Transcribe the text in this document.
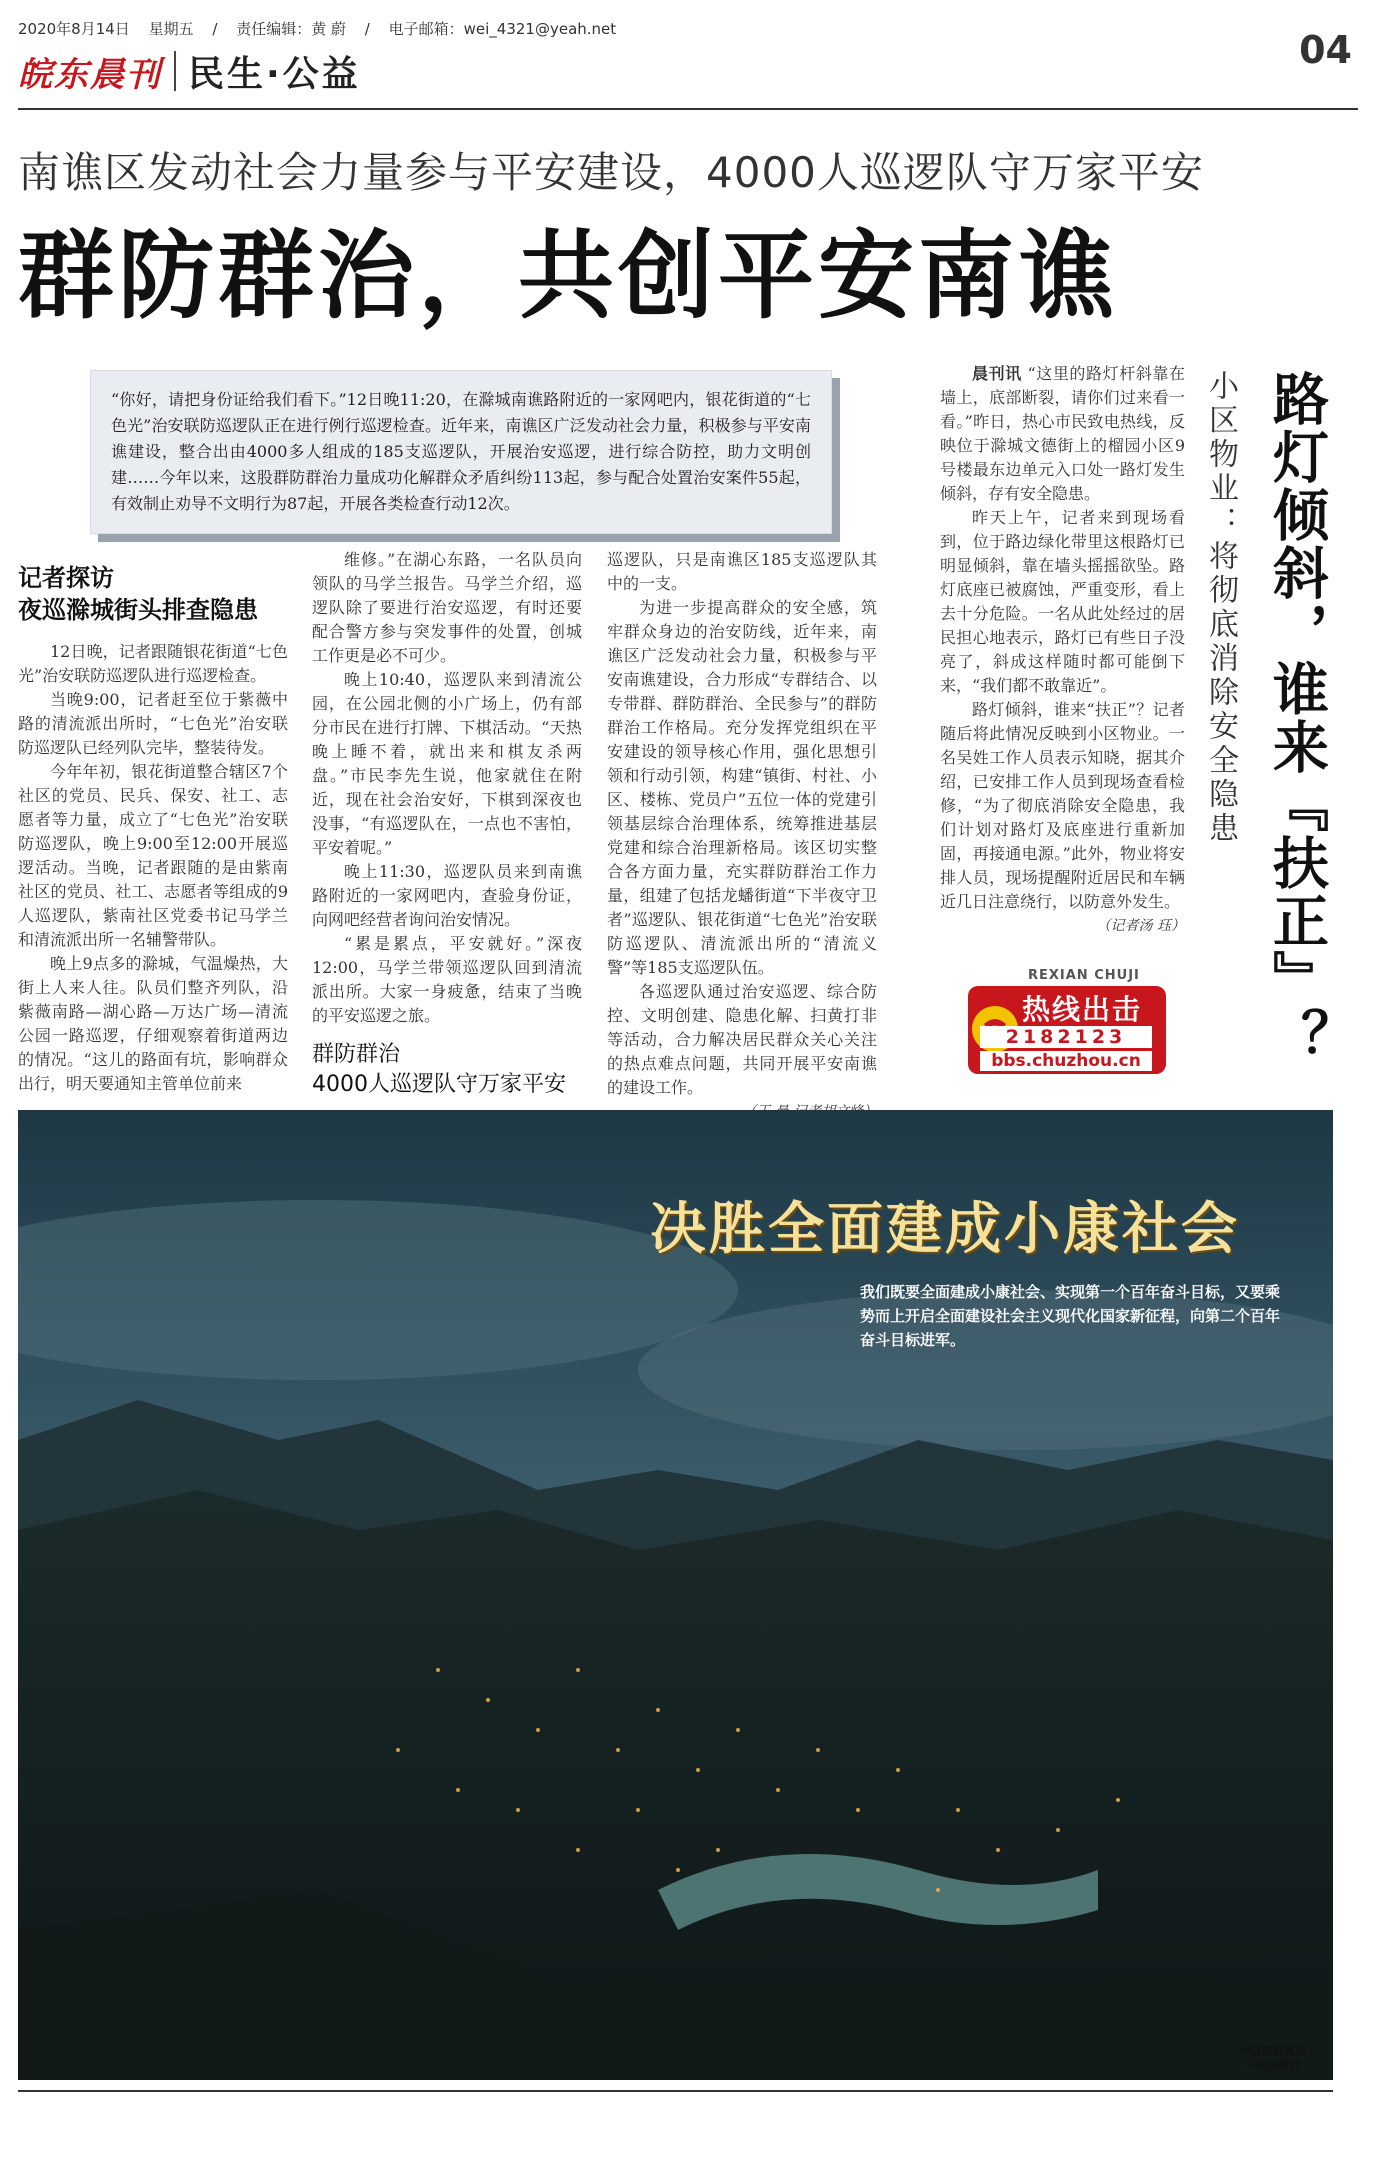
2020年8月14日 星期五 / 责任编辑：黄 蔚 / 电子邮箱：wei_4321@yeah.net
皖东晨刊 民生·公益
04
南谯区发动社会力量参与平安建设，4000人巡逻队守万家平安
群防群治，共创平安南谯
“你好，请把身份证给我们看下。”12日晚11:20，在滁城南谯路附近的一家网吧内，银花街道的“七色光”治安联防巡逻队正在进行例行巡逻检查。近年来，南谯区广泛发动社会力量，积极参与平安南谯建设，整合出由4000多人组成的185支巡逻队，开展治安巡逻，进行综合防控，助力文明创建……今年以来，这股群防群治力量成功化解群众矛盾纠纷113起，参与配合处置治安案件55起，有效制止劝导不文明行为87起，开展各类检查行动12次。
记者探访
夜巡滁城街头排查隐患

12日晚，记者跟随银花街道“七色光”治安联防巡逻队进行巡逻检查。

当晚9:00，记者赶至位于紫薇中路的清流派出所时，“七色光”治安联防巡逻队已经列队完毕，整装待发。

今年年初，银花街道整合辖区7个社区的党员、民兵、保安、社工、志愿者等力量，成立了“七色光”治安联防巡逻队，晚上9:00至12:00开展巡逻活动。当晚，记者跟随的是由紫南社区的党员、社工、志愿者等组成的9人巡逻队，紫南社区党委书记马学兰和清流派出所一名辅警带队。

晚上9点多的滁城，气温燥热，大街上人来人往。队员们整齐列队，沿紫薇南路—湖心路—万达广场—清流公园一路巡逻，仔细观察着街道两边的情况。“这儿的路面有坑，影响群众出行，明天要通知主管单位前来

维修。”在湖心东路，一名队员向领队的马学兰报告。马学兰介绍，巡逻队除了要进行治安巡逻，有时还要配合警方参与突发事件的处置，创城工作更是必不可少。

晚上10:40，巡逻队来到清流公园，在公园北侧的小广场上，仍有部分市民在进行打牌、下棋活动。“天热晚上睡不着，就出来和棋友杀两盘。”市民李先生说，他家就住在附近，现在社会治安好，下棋到深夜也没事，“有巡逻队在，一点也不害怕，平安着呢。”

晚上11:30，巡逻队员来到南谯路附近的一家网吧内，查验身份证，向网吧经营者询问治安情况。

“累是累点，平安就好。”深夜12:00，马学兰带领巡逻队回到清流派出所。大家一身疲惫，结束了当晚的平安巡逻之旅。

群防群治
4000人巡逻队守万家平安

巡逻队，只是南谯区185支巡逻队其中的一支。

为进一步提高群众的安全感，筑牢群众身边的治安防线，近年来，南谯区广泛发动社会力量，积极参与平安南谯建设，合力形成“专群结合、以专带群、群防群治、全民参与”的群防群治工作格局。充分发挥党组织在平安建设的领导核心作用，强化思想引领和行动引领，构建“镇街、村社、小区、楼栋、党员户”五位一体的党建引领基层综合治理体系，统筹推进基层党建和综合治理新格局。该区切实整合各方面力量，充实群防群治工作力量，组建了包括龙蟠街道“下半夜守卫者”巡逻队、银花街道“七色光”治安联防巡逻队、清流派出所的“清流义警”等185支巡逻队伍。

各巡逻队通过治安巡逻、综合防控、文明创建、隐患化解、扫黄打非等活动，合力解决居民群众关心关注的热点难点问题，共同开展平安南谯的建设工作。

路灯倾斜，谁来『扶正』？
小区物业：将彻底消除安全隐患

晨刊讯 “这里的路灯杆斜靠在墙上，底部断裂，请你们过来看一看。”昨日，热心市民致电热线，反映位于滁城文德街上的榴园小区9号楼最东边单元入口处一路灯发生倾斜，存有安全隐患。

昨天上午，记者来到现场看到，位于路边绿化带里这根路灯已明显倾斜，靠在墙头摇摇欲坠。路灯底座已被腐蚀，严重变形，看上去十分危险。一名从此处经过的居民担心地表示，路灯已有些日子没亮了，斜成这样随时都可能倒下来，“我们都不敢靠近”。

路灯倾斜，谁来“扶正”？记者随后将此情况反映到小区物业。一名吴姓工作人员表示知晓，据其介绍，已安排工作人员到现场查看检修，“为了彻底消除安全隐患，我们计划对路灯及底座进行重新加固，再接通电源。”此外，物业将安排人员，现场提醒附近居民和车辆近几日注意绕行，以防意外发生。

（记者汤 珏）
REXIAN CHUJI
热线出击
2182123
bbs.chuzhou.cn
决胜全面建成小康社会
我们既要全面建成小康社会、实现第一个百年奋斗目标，又要乘势而上开启全面建设社会主义现代化国家新征程，向第二个百年奋斗目标进军。
中宣部宣教局
人民画报社
